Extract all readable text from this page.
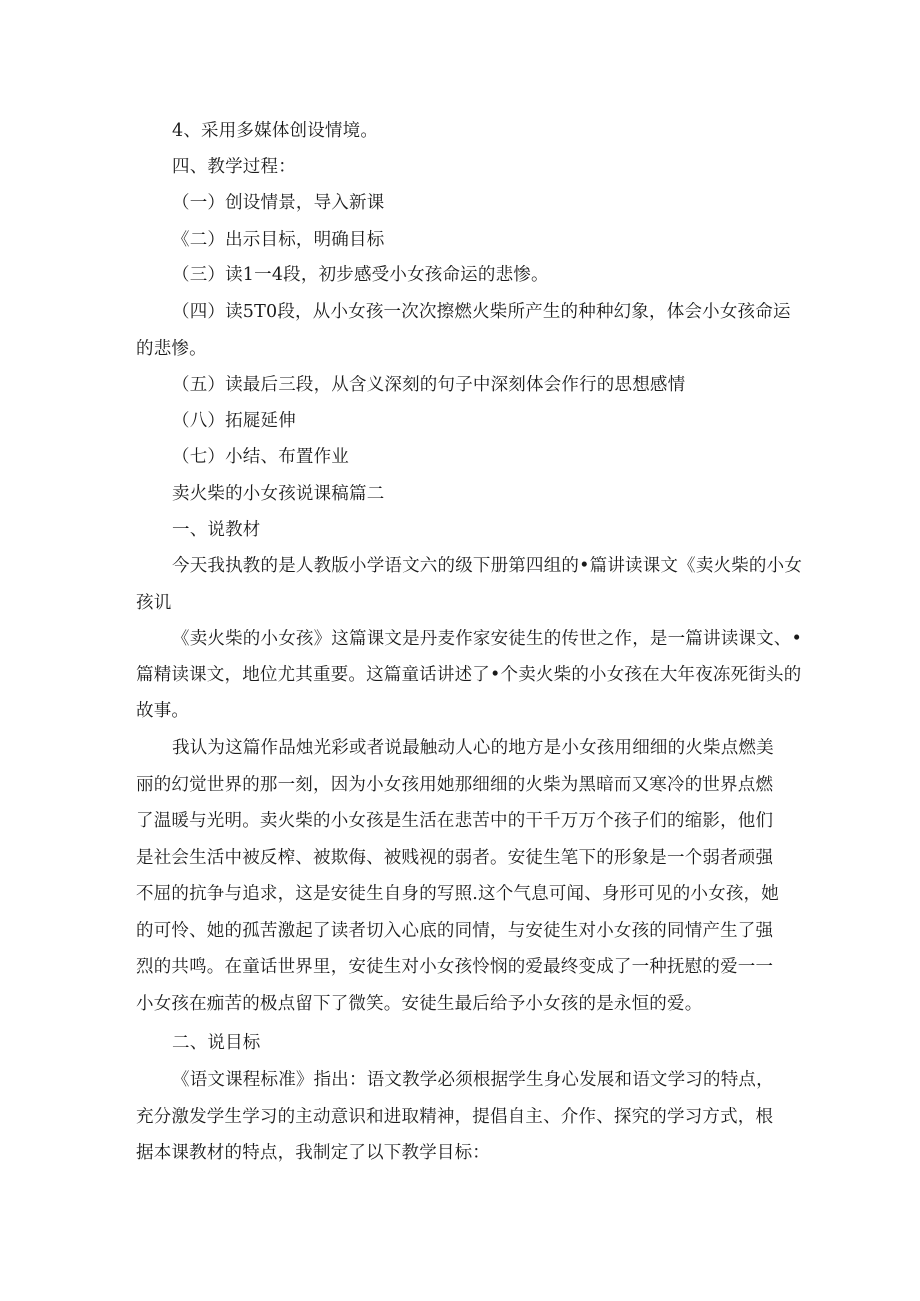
4、采用多媒体创设情境。
四、教学过程：
（一）创设情景，导入新课
《二）出示目标，明确目标
（三）读1一4段，初步感受小女孩命运的悲惨。
（四）读5T0段，从小女孩一次次擦燃火柴所产生的种种幻象，体会小女孩命运
的悲惨。
（五）读最后三段，从含义深刻的句子中深刻体会作行的思想感情
（八）拓屣延伸
（七）小结、布置作业
卖火柴的小女孩说课稿篇二
一、说教材
今天我执教的是人教版小学语文六的级下册第四组的•篇讲读课文《卖火柴的小女
孩讥
《卖火柴的小女孩》这篇课文是丹麦作家安徒生的传世之作，是一篇讲读课文、•
篇精读课文，地位尤其重要。这篇童话讲述了•个卖火柴的小女孩在大年夜冻死街头的
故事。

我认为这篇作品烛光彩或者说最触动人心的地方是小女孩用细细的火柴点燃美丽的幻觉世界的那一刻，因为小女孩用她那细细的火柴为黑暗而又寒冷的世界点燃了温暖与光明。卖火柴的小女孩是生活在悲苦中的干千万万个孩子们的缩影，他们是社会生活中被反榨、被欺侮、被贱视的弱者。安徒生笔下的形象是一个弱者顽强不屈的抗争与追求，这是安徒生自身的写照.这个气息可闻、身形可见的小女孩，她的可怜、她的孤苦激起了读者切入心底的同情，与安徒生对小女孩的同情产生了强烈的共鸣。在童话世界里，安徒生对小女孩怜悯的爱最终变成了一种抚慰的爱一一小女孩在痂苦的极点留下了微笑。安徒生最后给予小女孩的是永恒的爱。

二、说目标

《语文课程标准》指出：语文教学必须根据学生身心发展和语文学习的特点，充分激发学生学习的主动意识和进取精神，提倡自主、介作、探究的学习方式，根据本课教材的特点，我制定了以下教学目标：
